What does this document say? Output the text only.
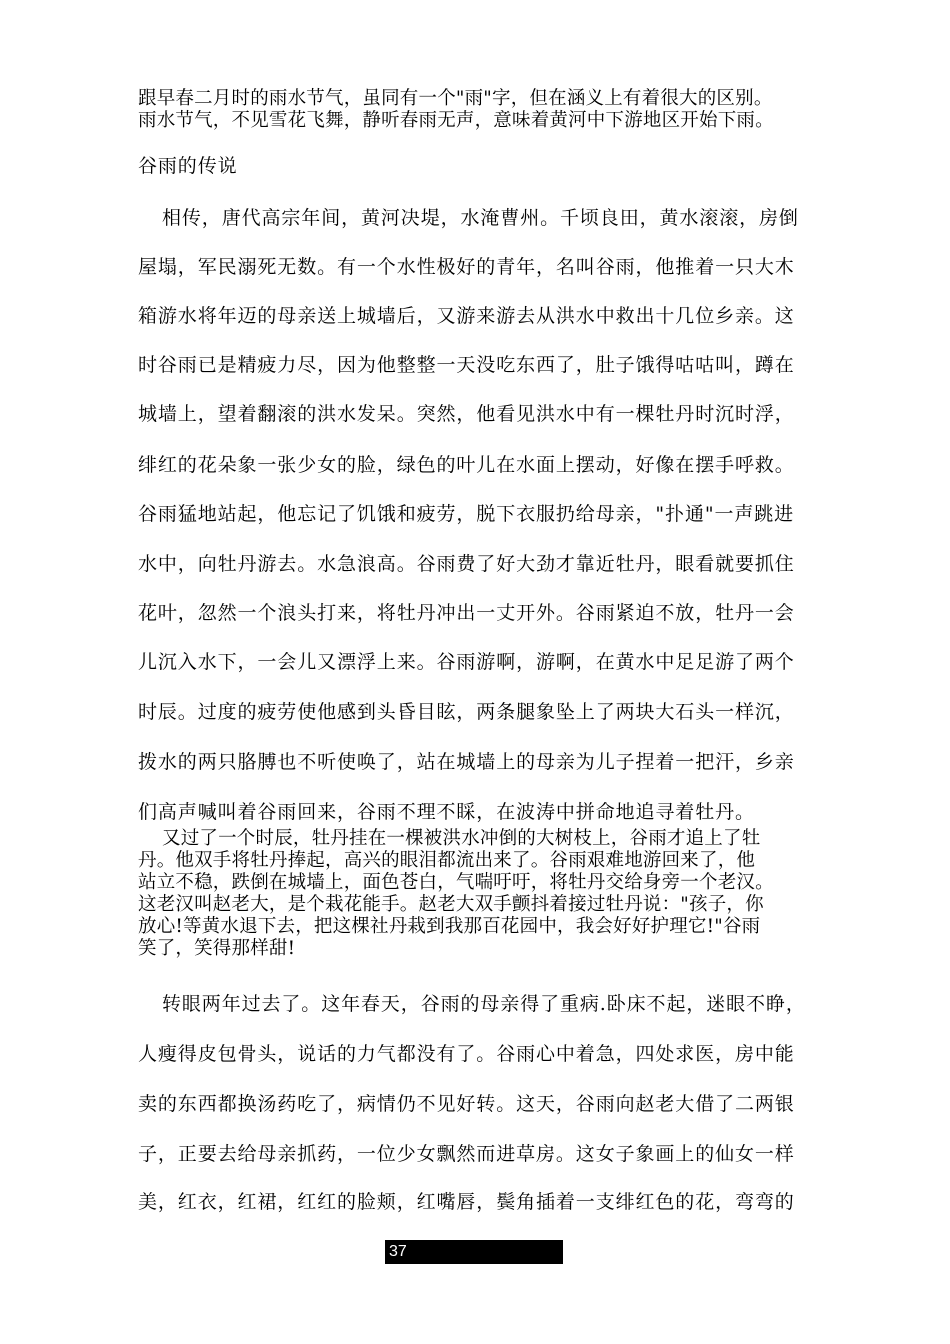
跟早春二月时的雨水节气，虽同有一个"雨"字，但在涵义上有着很大的区别。
雨水节气，不见雪花飞舞，静听春雨无声，意味着黄河中下游地区开始下雨。

谷雨的传说
相传，唐代高宗年间，黄河决堤，水淹曹州。千顷良田，黄水滚滚，房倒
屋塌，军民溺死无数。有一个水性极好的青年，名叫谷雨，他推着一只大木
箱游水将年迈的母亲送上城墙后，又游来游去从洪水中救出十几位乡亲。这
时谷雨已是精疲力尽，因为他整整一天没吃东西了，肚子饿得咕咕叫，蹲在
城墙上，望着翻滚的洪水发呆。突然，他看见洪水中有一棵牡丹时沉时浮，
绯红的花朵象一张少女的脸，绿色的叶儿在水面上摆动，好像在摆手呼救。
谷雨猛地站起，他忘记了饥饿和疲劳，脱下衣服扔给母亲，"扑通"一声跳进
水中，向牡丹游去。水急浪高。谷雨费了好大劲才靠近牡丹，眼看就要抓住
花叶，忽然一个浪头打来，将牡丹冲出一丈开外。谷雨紧迫不放，牡丹一会
儿沉入水下，一会儿又漂浮上来。谷雨游啊，游啊，在黄水中足足游了两个
时辰。过度的疲劳使他感到头昏目眩，两条腿象坠上了两块大石头一样沉，
拨水的两只胳膊也不听使唤了，站在城墙上的母亲为儿子捏着一把汗，乡亲
们高声喊叫着谷雨回来，谷雨不理不睬，在波涛中拼命地追寻着牡丹。

又过了一个时辰，牡丹挂在一棵被洪水冲倒的大树枝上，谷雨才追上了牡
丹。他双手将牡丹捧起，高兴的眼泪都流出来了。谷雨艰难地游回来了，他
站立不稳，跌倒在城墙上，面色苍白，气喘吁吁，将牡丹交给身旁一个老汉。
这老汉叫赵老大，是个栽花能手。赵老大双手颤抖着接过牡丹说："孩子，你
放心!等黄水退下去，把这棵社丹栽到我那百花园中，我会好好护理它!"谷雨
笑了，笑得那样甜!

转眼两年过去了。这年春天，谷雨的母亲得了重病.卧床不起，迷眼不睁，
人瘦得皮包骨头，说话的力气都没有了。谷雨心中着急，四处求医，房中能
卖的东西都换汤药吃了，病情仍不见好转。这天，谷雨向赵老大借了二两银
子，正要去给母亲抓药，一位少女飘然而进草房。这女子象画上的仙女一样
美，红衣，红裙，红红的脸颊，红嘴唇，鬓角插着一支绯红色的花，弯弯的
37
